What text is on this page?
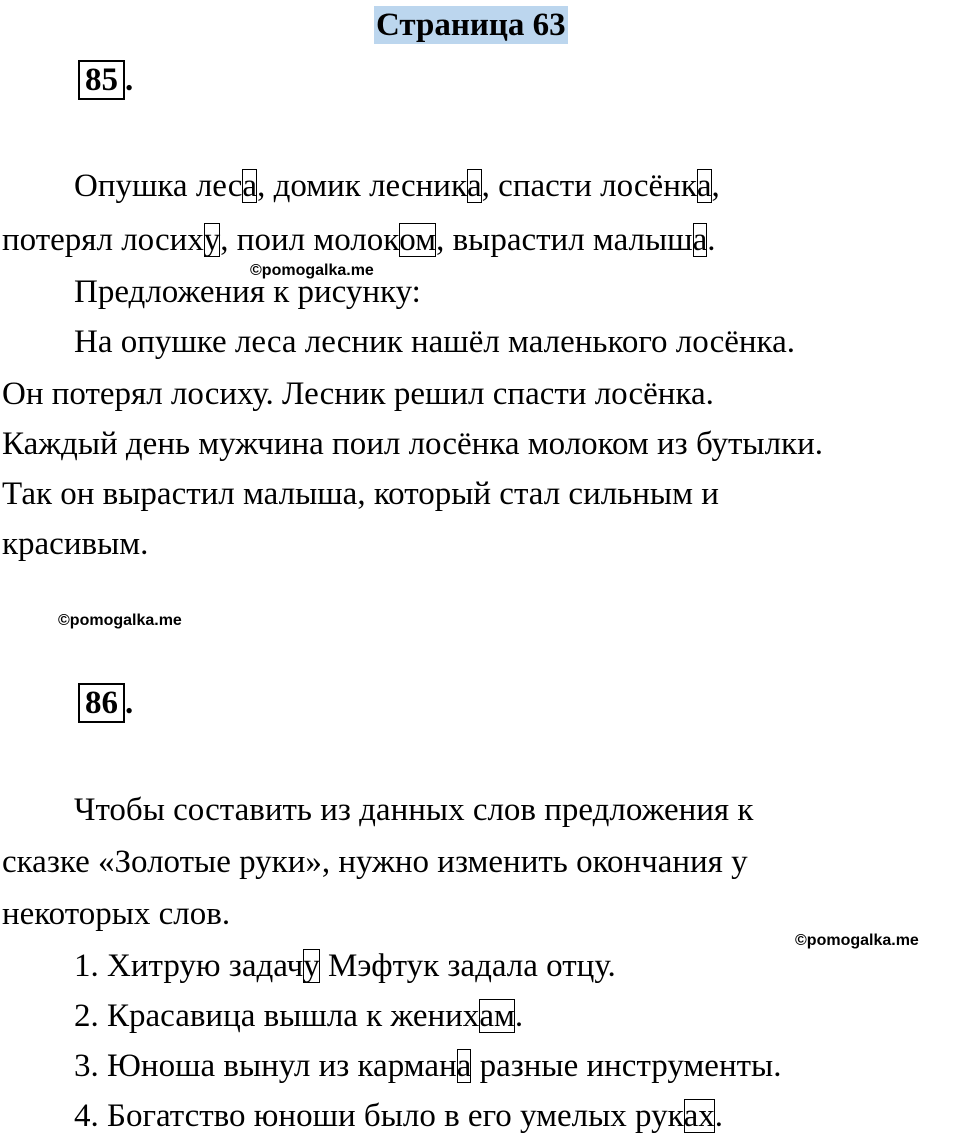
Страница 63
85 .
Опушка леса, домик лесника, спасти лосёнка,
потерял лосиху, поил молоком, вырастил малыша.
Предложения к рисунку:
©pomogalka.me
На опушке леса лесник нашёл маленького лосёнка.
Он потерял лосиху. Лесник решил спасти лосёнка.
Каждый день мужчина поил лосёнка молоком из бутылки.
Так он вырастил малыша, который стал сильным и
красивым.
©pomogalka.me
86 .
Чтобы составить из данных слов предложения к
сказке «Золотые руки», нужно изменить окончания у
некоторых слов.
©pomogalka.me
1. Хитрую задачу Мэфтук задала отцу.
2. Красавица вышла к женихам.
3. Юноша вынул из кармана разные инструменты.
4. Богатство юноши было в его умелых руках.
